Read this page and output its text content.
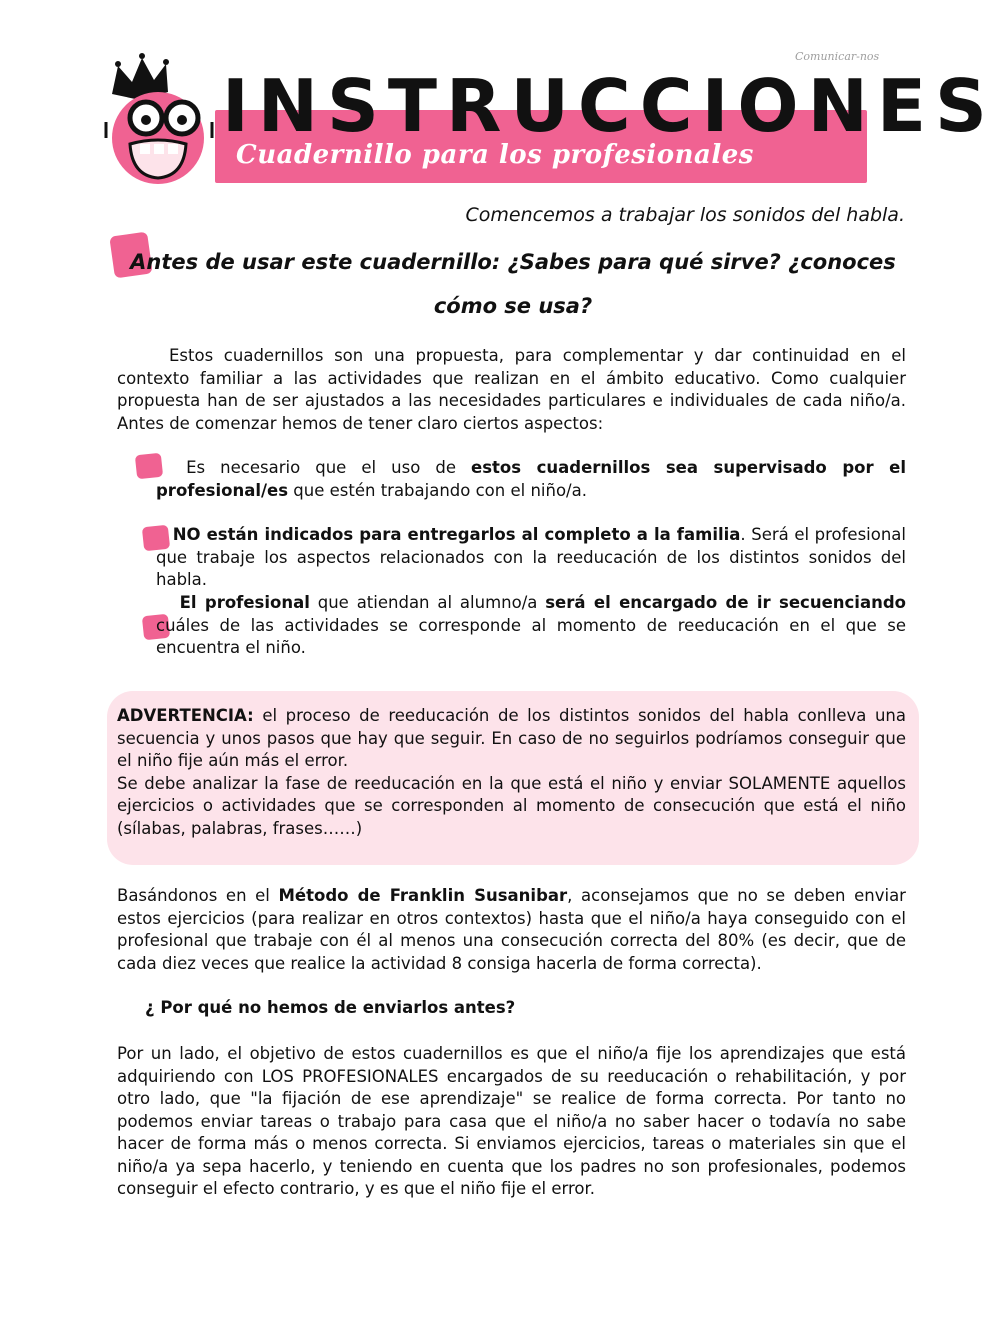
INSTRUCCIONES
Cuadernillo para los profesionales
Comunicar-nos
Comencemos a trabajar los sonidos del habla.
Antes de usar este cuadernillo: ¿Sabes para qué sirve? ¿conoces cómo se usa?

Estos cuadernillos son una propuesta, para complementar y dar continuidad en el contexto familiar a las actividades que realizan en el ámbito educativo. Como cualquier propuesta han de ser ajustados a las necesidades particulares e individuales de cada niño/a. Antes de comenzar hemos de tener claro ciertos aspectos:

Es necesario que el uso de estos cuadernillos sea supervisado por el profesional/es que estén trabajando con el niño/a.
NO están indicados para entregarlos al completo a la familia. Será el profesional que trabaje los aspectos relacionados con la reeducación de los distintos sonidos del habla.
El profesional que atiendan al alumno/a será el encargado de ir secuenciando cuáles de las actividades se corresponde al momento de reeducación en el que se encuentra el niño.
ADVERTENCIA: el proceso de reeducación de los distintos sonidos del habla conlleva una secuencia y unos pasos que hay que seguir. En caso de no seguirlos podríamos conseguir que el niño fije aún más el error.
Se debe analizar la fase de reeducación en la que está el niño y enviar SOLAMENTE aquellos ejercicios o actividades que se corresponden al momento de consecución que está el niño (sílabas, palabras, frases……)
Basándonos en el Método de Franklin Susanibar, aconsejamos que no se deben enviar estos ejercicios (para realizar en otros contextos) hasta que el niño/a haya conseguido con el profesional que trabaje con él al menos una consecución correcta del 80% (es decir, que de cada diez veces que realice la actividad 8 consiga hacerla de forma correcta).
¿ Por qué no hemos de enviarlos antes?

Por un lado, el objetivo de estos cuadernillos es que el niño/a fije los aprendizajes que está adquiriendo con LOS PROFESIONALES encargados de su reeducación o rehabilitación, y por otro lado, que "la fijación de ese aprendizaje" se realice de forma correcta. Por tanto no podemos enviar tareas o trabajo para casa que el niño/a no saber hacer o todavía no sabe hacer de forma más o menos correcta. Si enviamos ejercicios, tareas o materiales sin que el niño/a ya sepa hacerlo, y teniendo en cuenta que los padres no son profesionales, podemos conseguir el efecto contrario, y es que el niño fije el error.
